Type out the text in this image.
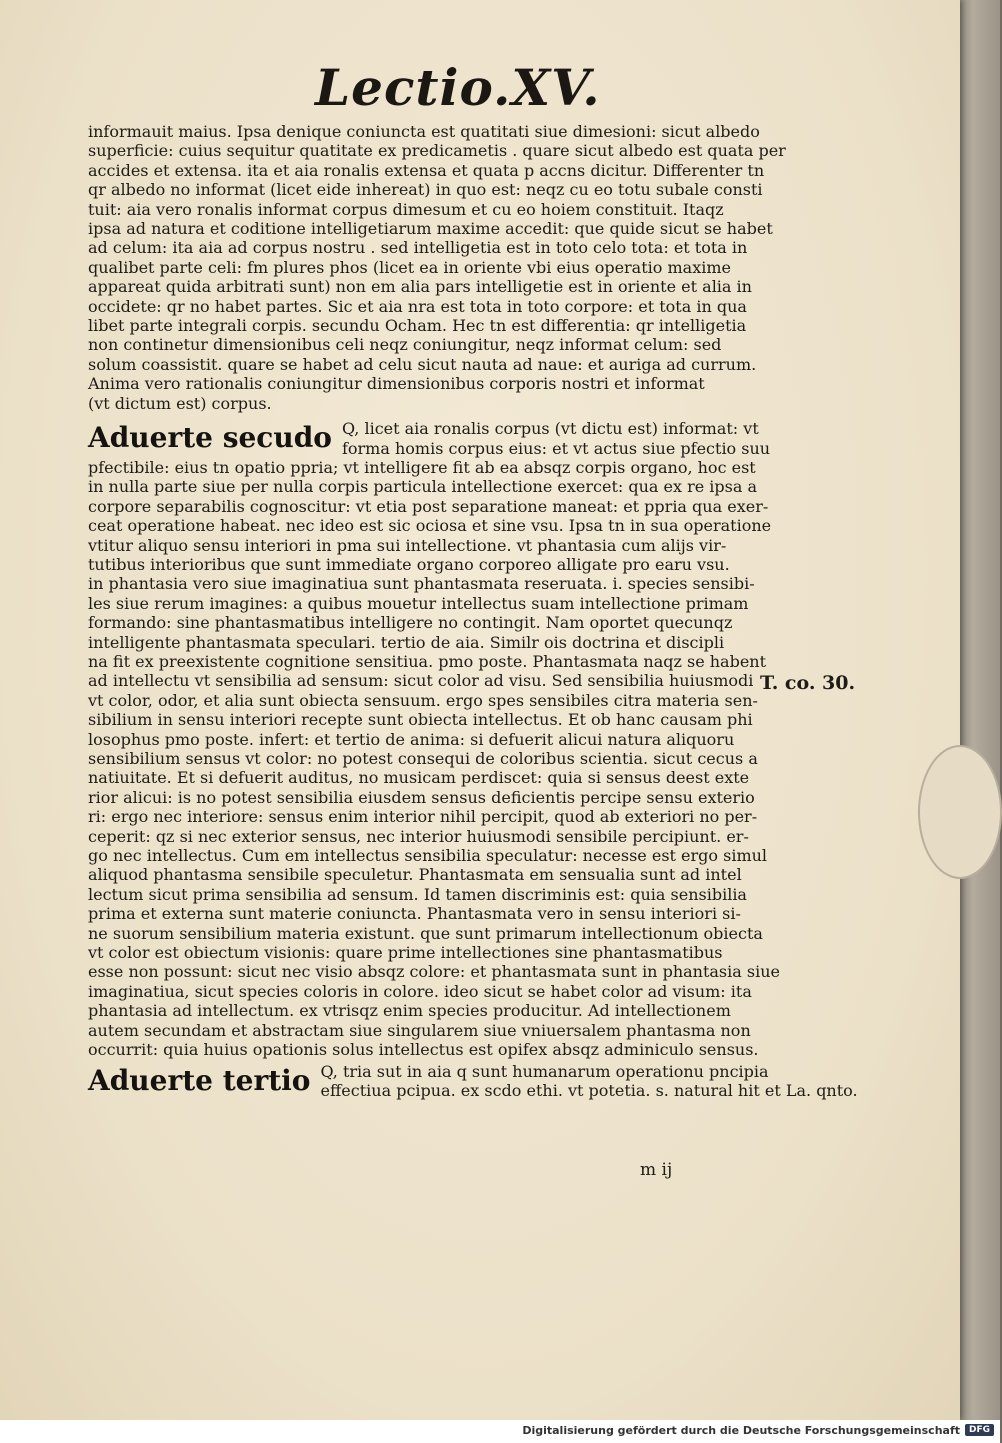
Lectio.XV.
informauit maius. Ipsa denique coniuncta est quatitati siue dimesioni: sicut albedo
superficie: cuius sequitur quatitate ex predicametis . quare sicut albedo est quata per
accides et extensa. ita et aia ronalis extensa et quata p accns dicitur. Differenter tn
qr albedo no informat (licet eide inhereat) in quo est: neqz cu eo totu subale consti
tuit: aia vero ronalis informat corpus dimesum et cu eo hoiem constituit. Itaqz
ipsa ad natura et coditione intelligetiarum maxime accedit: que quide sicut se habet
ad celum: ita aia ad corpus nostru . sed intelligetia est in toto celo tota: et tota in
qualibet parte celi: fm plures phos (licet ea in oriente vbi eius operatio maxime
appareat quida arbitrati sunt) non em alia pars intelligetie est in oriente et alia in
occidete: qr no habet partes. Sic et aia nra est tota in toto corpore: et tota in qua
libet parte integrali corpis. secundu Ocham. Hec tn est differentia: qr intelligetia
non continetur dimensionibus celi neqz coniungitur, neqz informat celum: sed
solum coassistit. quare se habet ad celu sicut nauta ad naue: et auriga ad currum.
Anima vero rationalis coniungitur dimensionibus corporis nostri et informat
(vt dictum est) corpus.
Aduerte secudo Q, licet aia ronalis corpus (vt dictu est) informat: vt
forma homis corpus eius: et vt actus siue pfectio suu
pfectibile: eius tn opatio ppria; vt intelligere fit ab ea absqz corpis organo, hoc est
in nulla parte siue per nulla corpis particula intellectione exercet: qua ex re ipsa a
corpore separabilis cognoscitur: vt etia post separatione maneat: et ppria qua exer-
ceat operatione habeat. nec ideo est sic ociosa et sine vsu. Ipsa tn in sua operatione
vtitur aliquo sensu interiori in pma sui intellectione. vt phantasia cum alijs vir-
tutibus interioribus que sunt immediate organo corporeo alligate pro earu vsu.
in phantasia vero siue imaginatiua sunt phantasmata reseruata. i. species sensibi-
les siue rerum imagines: a quibus mouetur intellectus suam intellectione primam
formando: sine phantasmatibus intelligere no contingit. Nam oportet quecunqz
intelligente phantasmata speculari. tertio de aia. Similr ois doctrina et discipli
na fit ex preexistente cognitione sensitiua. pmo poste. Phantasmata naqz se habent
ad intellectu vt sensibilia ad sensum: sicut color ad visu. Sed sensibilia huiusmodi
vt color, odor, et alia sunt obiecta sensuum. ergo spes sensibiles citra materia sen-
sibilium in sensu interiori recepte sunt obiecta intellectus. Et ob hanc causam phi
losophus pmo poste. infert: et tertio de anima: si defuerit alicui natura aliquoru
sensibilium sensus vt color: no potest consequi de coloribus scientia. sicut cecus a
natiuitate. Et si defuerit auditus, no musicam perdiscet: quia si sensus deest exte
rior alicui: is no potest sensibilia eiusdem sensus deficientis percipe sensu exterio
ri: ergo nec interiore: sensus enim interior nihil percipit, quod ab exteriori no per-
ceperit: qz si nec exterior sensus, nec interior huiusmodi sensibile percipiunt. er-
go nec intellectus. Cum em intellectus sensibilia speculatur: necesse est ergo simul
aliquod phantasma sensibile speculetur. Phantasmata em sensualia sunt ad intel
lectum sicut prima sensibilia ad sensum. Id tamen discriminis est: quia sensibilia
prima et externa sunt materie coniuncta. Phantasmata vero in sensu interiori si-
ne suorum sensibilium materia existunt. que sunt primarum intellectionum obiecta
vt color est obiectum visionis: quare prime intellectiones sine phantasmatibus
esse non possunt: sicut nec visio absqz colore: et phantasmata sunt in phantasia siue
imaginatiua, sicut species coloris in colore. ideo sicut se habet color ad visum: ita
phantasia ad intellectum. ex vtrisqz enim species producitur. Ad intellectionem
autem secundam et abstractam siue singularem siue vniuersalem phantasma non
occurrit: quia huius opationis solus intellectus est opifex absqz adminiculo sensus.
Aduerte tertio Q, tria sut in aia q sunt humanarum operationu pncipia
effectiua pcipua. ex scdo ethi. vt potetia. s. natural hit et La. qnto.
T. co. 30.
m ij
Digitalisierung gefördert durch die Deutsche Forschungsgemeinschaft DFG
